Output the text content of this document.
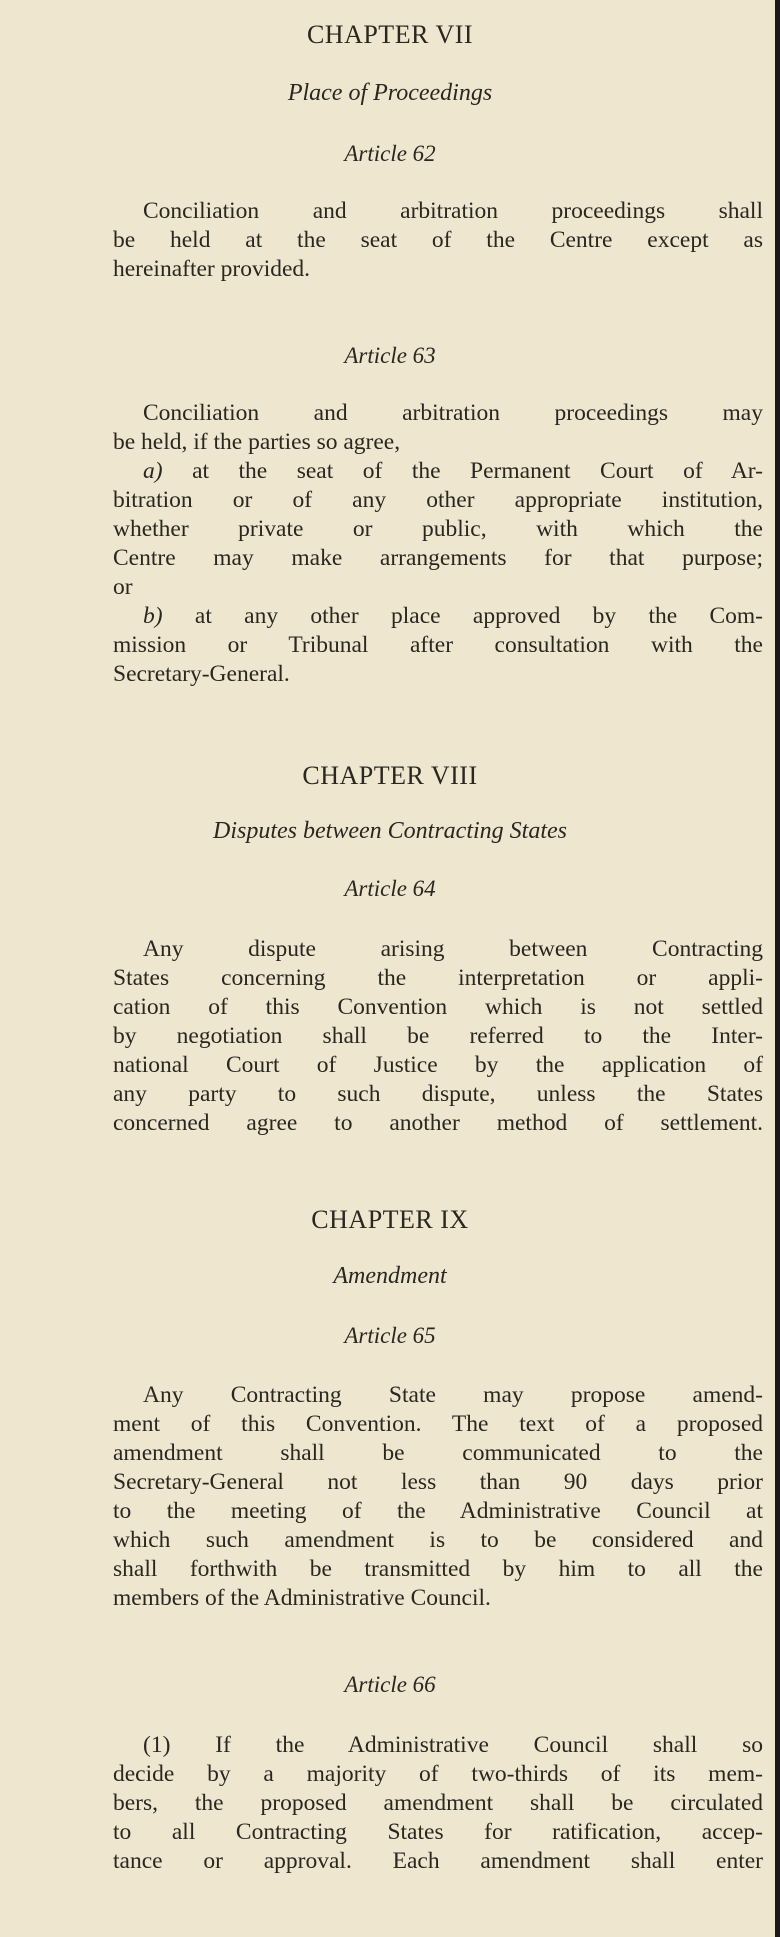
CHAPTER VII
Place of Proceedings
Article 62
Conciliation and arbitration proceedings shall
be held at the seat of the Centre except as
hereinafter provided.
Article 63
Conciliation and arbitration proceedings may
be held, if the parties so agree,
a) at the seat of the Permanent Court of Ar-
bitration or of any other appropriate institution,
whether private or public, with which the
Centre may make arrangements for that purpose;
or
b) at any other place approved by the Com-
mission or Tribunal after consultation with the
Secretary-General.
CHAPTER VIII
Disputes between Contracting States
Article 64
Any dispute arising between Contracting
States concerning the interpretation or appli-
cation of this Convention which is not settled
by negotiation shall be referred to the Inter-
national Court of Justice by the application of
any party to such dispute, unless the States
concerned agree to another method of settlement.
CHAPTER IX
Amendment
Article 65
Any Contracting State may propose amend-
ment of this Convention. The text of a proposed
amendment shall be communicated to the
Secretary-General not less than 90 days prior
to the meeting of the Administrative Council at
which such amendment is to be considered and
shall forthwith be transmitted by him to all the
members of the Administrative Council.
Article 66
(1) If the Administrative Council shall so
decide by a majority of two-thirds of its mem-
bers, the proposed amendment shall be circulated
to all Contracting States for ratification, accep-
tance or approval. Each amendment shall enter
